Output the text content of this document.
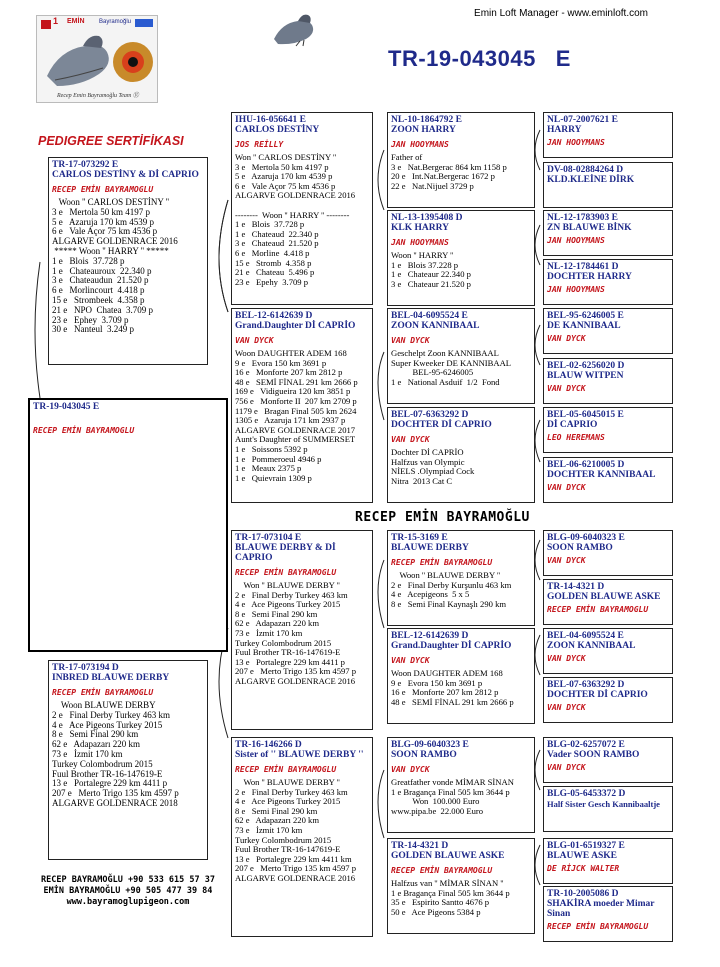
1 EMİN Bayramoğlu
Recep Emin Bayramoğlu Team Ⓡ
Emin Loft Manager - www.eminloft.com
TR-19-043045   E
PEDIGREE SERTİFİKASI
RECEP EMİN BAYRAMOĞLU
TR-19-043045 E
RECEP EMİN BAYRAMOGLU
TR-17-073292 E
CARLOS DESTİNY & Dİ CAPRIO
RECEP EMİN BAYRAMOGLU
Woon '' CARLOS DESTİNY ''
3 e   Mertola 50 km 4197 p
5 e   Azaruja 170 km 4539 p
6 e   Vale Açor 75 km 4536 p
ALGARVE GOLDENRACE 2016
***** Woon '' HARRY '' *****
1 e   Blois  37.728 p
1 e   Chateauroux  22.340 p
3 e   Chateaudun  21.520 p
6 e   Morlincourt  4.418 p
15 e   Strombeek  4.358 p
21 e   NPO  Chatea  3.709 p
23 e   Ephey  3.709 p
30 e   Nanteul  3.249 p
TR-17-073194 D
INBRED BLAUWE DERBY
RECEP EMİN BAYRAMOGLU
Woon BLAUWE DERBY
2 e   Final Derby Turkey 463 km
4 e   Ace Pigeons Turkey 2015
8 e   Semi Final 290 km
62 e   Adapazarı 220 km
73 e   İzmit 170 km
Turkey Colombodrum 2015
Fuul Brother TR-16-147619-E
13 e   Portalegre 229 km 4411 p
207 e   Merto Trigo 135 km 4597 p
ALGARVE GOLDENRACE 2018
IHU-16-056641 E
CARLOS DESTİNY
JOS REİLLY
Won '' CARLOS DESTİNY ''
3 e   Mertola 50 km 4197 p
5 e   Azaruja 170 km 4539 p
6 e   Vale Açor 75 km 4536 p
ALGARVE GOLDENRACE 2016

--------  Woon '' HARRY '' --------
1 e   Blois  37.728 p
1 e   Chateaud  22.340 p
3 e   Chateaud  21.520 p
6 e   Morline  4.418 p
15 e   Stromb  4.358 p
21 e   Chateau  5.496 p
23 e   Epehy  3.709 p
BEL-12-6142639 D
Grand.Daughter Dİ CAPRİO
VAN DYCK
Woon DAUGHTER ADEM 168
9 e   Evora 150 km 3691 p
16 e   Monforte 207 km 2812 p
48 e   SEMİ FİNAL 291 km 2666 p
169 e   Vidigueira 120 km 3851 p
756 e   Monforte II  207 km 2709 p
1179 e   Bragan Final 505 km 2624
1305 e   Azaruja 171 km 2937 p
ALGARVE GOLDENRACE 2017
Aunt's Daughter of SUMMERSET
1 e   Soissons 5392 p
1 e   Pommeroeul 4946 p
1 e   Meaux 2375 p
1 e   Quievrain 1309 p
TR-17-073104 E
BLAUWE DERBY & Dİ CAPRIO
RECEP EMİN BAYRAMOGLU
Won '' BLAUWE DERBY ''
2 e   Final Derby Turkey 463 km
4 e   Ace Pigeons Turkey 2015
8 e   Semi Final 290 km
62 e   Adapazarı 220 km
73 e   İzmit 170 km
Turkey Colombodrum 2015
Fuul Brother TR-16-147619-E
13 e   Portalegre 229 km 4411 p
207 e   Merto Trigo 135 km 4597 p
ALGARVE GOLDENRACE 2016
TR-16-146266 D
Sister of '' BLAUWE DERBY ''
RECEP EMİN BAYRAMOGLU
Won '' BLAUWE DERBY ''
2 e   Final Derby Turkey 463 km
4 e   Ace Pigeons Turkey 2015
8 e   Semi Final 290 km
62 e   Adapazarı 220 km
73 e   İzmit 170 km
Turkey Colombodrum 2015
Fuul Brother TR-16-147619-E
13 e   Portalegre 229 km 4411 km
207 e   Merto Trigo 135 km 4597 p
ALGARVE GOLDENRACE 2016
NL-10-1864792 E
ZOON HARRY
JAN HOOYMANS
Father of
3 e   Nat.Bergerac 864 km 1158 p
20 e   Int.Nat.Bergerac 1672 p
22 e   Nat.Nijuel 3729 p
NL-13-1395408 D
KLK HARRY
JAN HOOYMANS
Woon '' HARRY ''
1 e   Blois 37.228 p
1 e   Chateaur 22.340 p
3 e   Chateaur 21.520 p
BEL-04-6095524 E
ZOON KANNIBAAL
VAN DYCK
Geschelpt Zoon KANNIBAAL
Super Kweeker DE KANNIBAAL
BEL-95-6246005
1 e   National Asduif  1/2  Fond
BEL-07-6363292 D
DOCHTER Dİ CAPRIO
VAN DYCK
Dochter Dİ CAPRİO
Halfzus van Olympic
NİELS .Olympiad Cock
Nitra  2013 Cat C
TR-15-3169 E
BLAUWE DERBY
RECEP EMİN BAYRAMOGLU
Woon '' BLAUWE DERBY ''
2 e   Final Derby Kurşunlu 463 km
4 e   Acepigeons  5 x 5
8 e   Semi Final Kaynaşlı 290 km
BEL-12-6142639 D
Grand.Daughter Dİ CAPRİO
VAN DYCK
Woon DAUGHTER ADEM 168
9 e   Evora 150 km 3691 p
16 e   Monforte 207 km 2812 p
48 e   SEMİ FİNAL 291 km 2666 p
BLG-09-6040323 E
SOON RAMBO
VAN DYCK
Greatfather vonde MİMAR SİNAN
1 e Bragança Final 505 km 3644 p
Won  100.000 Euro
www.pipa.be  22.000 Euro
TR-14-4321 D
GOLDEN BLAUWE ASKE
RECEP EMİN BAYRAMOGLU
Halfzus van '' MİMAR SİNAN ''
1 e Bragança Final 505 km 3644 p
35 e   Espirito Santto 4676 p
50 e   Ace Pigeons 5384 p
NL-07-2007621 E
HARRY
JAN HOOYMANS
DV-08-02884264 D
KLD.KLEİNE DİRK
NL-12-1783903 E
ZN BLAUWE BİNK
JAN HOOYMANS
NL-12-1784461 D
DOCHTER HARRY
JAN HOOYMANS
BEL-95-6246005 E
DE KANNIBAAL
VAN DYCK
BEL-02-6256020 D
BLAUW WITPEN
VAN DYCK
BEL-05-6045015 E
Dİ CAPRIO
LEO HEREMANS
BEL-06-6210005 D
DOCHTER KANNIBAAL
VAN DYCK
BLG-09-6040323 E
SOON RAMBO
VAN DYCK
TR-14-4321 D
GOLDEN BLAUWE ASKE
RECEP EMİN BAYRAMOGLU
BEL-04-6095524 E
ZOON KANNIBAAL
VAN DYCK
BEL-07-6363292 D
DOCHTER Dİ CAPRIO
VAN DYCK
BLG-02-6257072 E
Vader SOON RAMBO
VAN DYCK
BLG-05-6453372 D
Half Sister Gesch Kannibaaltje
BLG-01-6519327 E
BLAUWE ASKE
DE RİJCK WALTER
TR-10-2005086 D
SHAKİRA moeder Mimar Sinan
RECEP EMİN BAYRAMOGLU
RECEP BAYRAMOĞLU +90 533 615 57 37
EMİN BAYRAMOĞLU +90 505 477 39 84
www.bayramoglupigeon.com
